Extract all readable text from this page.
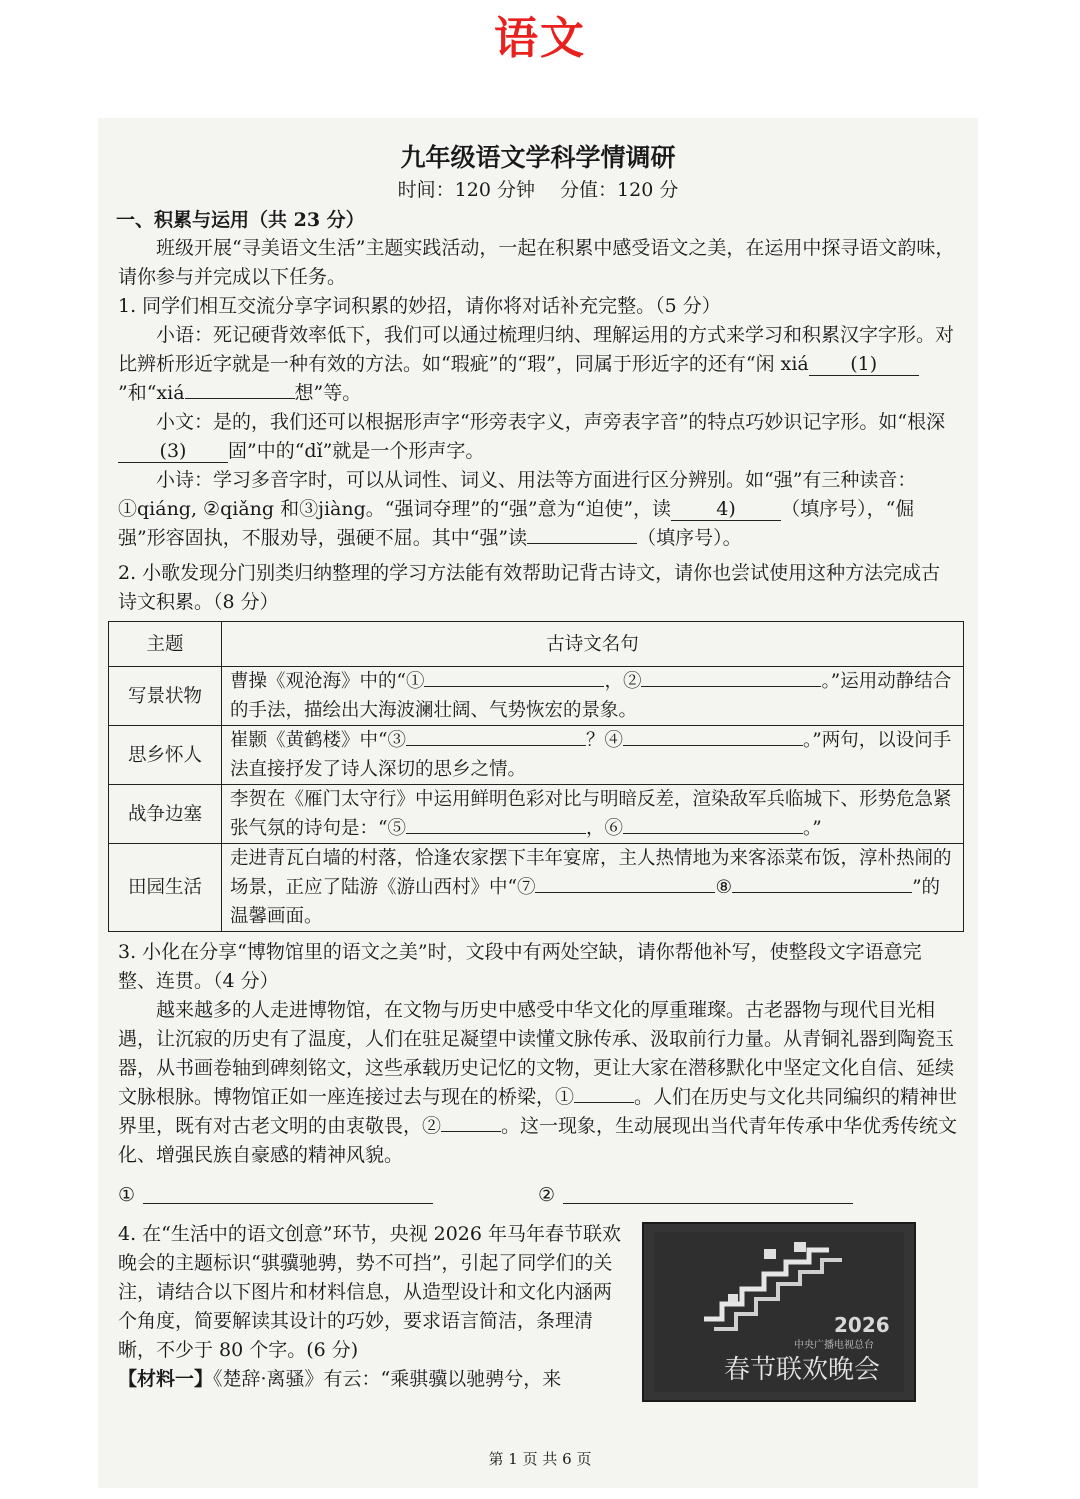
语文
九年级语文学科学情调研
时间：120 分钟　 分值：120 分
一、积累与运用（共 23 分）

班级开展“寻美语文生活”主题实践活动，一起在积累中感受语文之美，在运用中探寻语文韵味，请你参与并完成以下任务。

1. 同学们相互交流分享字词积累的妙招，请你将对话补充完整。（5 分）

小语：死记硬背效率低下，我们可以通过梳理归纳、理解运用的方式来学习和积累汉字字形。对比辨析形近字就是一种有效的方法。如“瑕疵”的“瑕”，同属于形近字的还有“闲 xiá (1)”和“xiá	想”等。

小文：是的，我们还可以根据形声字“形旁表字义，声旁表字音”的特点巧妙识记字形。如“根深(3) 固”中的“dǐ”就是一个形声字。

小诗：学习多音字时，可以从词性、词义、用法等方面进行区分辨别。如“强”有三种读音：①qiáng, ②qiǎng 和③jiàng。“强词夺理”的“强”意为“迫使”，读 4) （填序号），“倔强”形容固执，不服劝导，强硬不屈。其中“强”读	（填序号）。

2. 小歌发现分门别类归纳整理的学习方法能有效帮助记背古诗文，请你也尝试使用这种方法完成古诗文积累。（8 分）

主题	古诗文名句
写景状物	曹操《观沧海》中的“① ，② 。”运用动静结合的手法，描绘出大海波澜壮阔、气势恢宏的景象。
思乡怀人	崔颢《黄鹤楼》中“③ ？④ 。”两句，以设问手法直接抒发了诗人深切的思乡之情。
战争边塞	李贺在《雁门太守行》中运用鲜明色彩对比与明暗反差，渲染敌军兵临城下、形势危急紧张气氛的诗句是：“⑤ ，⑥ 。”
田园生活	走进青瓦白墙的村落，恰逢农家摆下丰年宴席，主人热情地为来客添菜布饭，淳朴热闹的场景，正应了陆游《游山西村》中“⑦ ⑧ ”的温馨画面。

3. 小化在分享“博物馆里的语文之美”时，文段中有两处空缺，请你帮他补写，使整段文字语意完整、连贯。（4 分）

越来越多的人走进博物馆，在文物与历史中感受中华文化的厚重璀璨。古老器物与现代目光相遇，让沉寂的历史有了温度，人们在驻足凝望中读懂文脉传承、汲取前行力量。从青铜礼器到陶瓷玉器，从书画卷轴到碑刻铭文，这些承载历史记忆的文物，更让大家在潜移默化中坚定文化自信、延续文脉根脉。博物馆正如一座连接过去与现在的桥梁，①	。人们在历史与文化共同编织的精神世界里，既有对古老文明的由衷敬畏，②	。这一现象，生动展现出当代青年传承中华优秀传统文化、增强民族自豪感的精神风貌。

①	②

4. 在“生活中的语文创意”环节，央视 2026 年马年春节联欢晚会的主题标识“骐骥驰骋，势不可挡”，引起了同学们的关注，请结合以下图片和材料信息，从造型设计和文化内涵两个角度，简要解读其设计的巧妙，要求语言简洁，条理清晰，不少于 80 个字。(6 分)

【材料一】《楚辞·离骚》有云：“乘骐骥以驰骋兮，来

2026
中央广播电视总台
春节联欢晚会
第 1 页 共 6 页
